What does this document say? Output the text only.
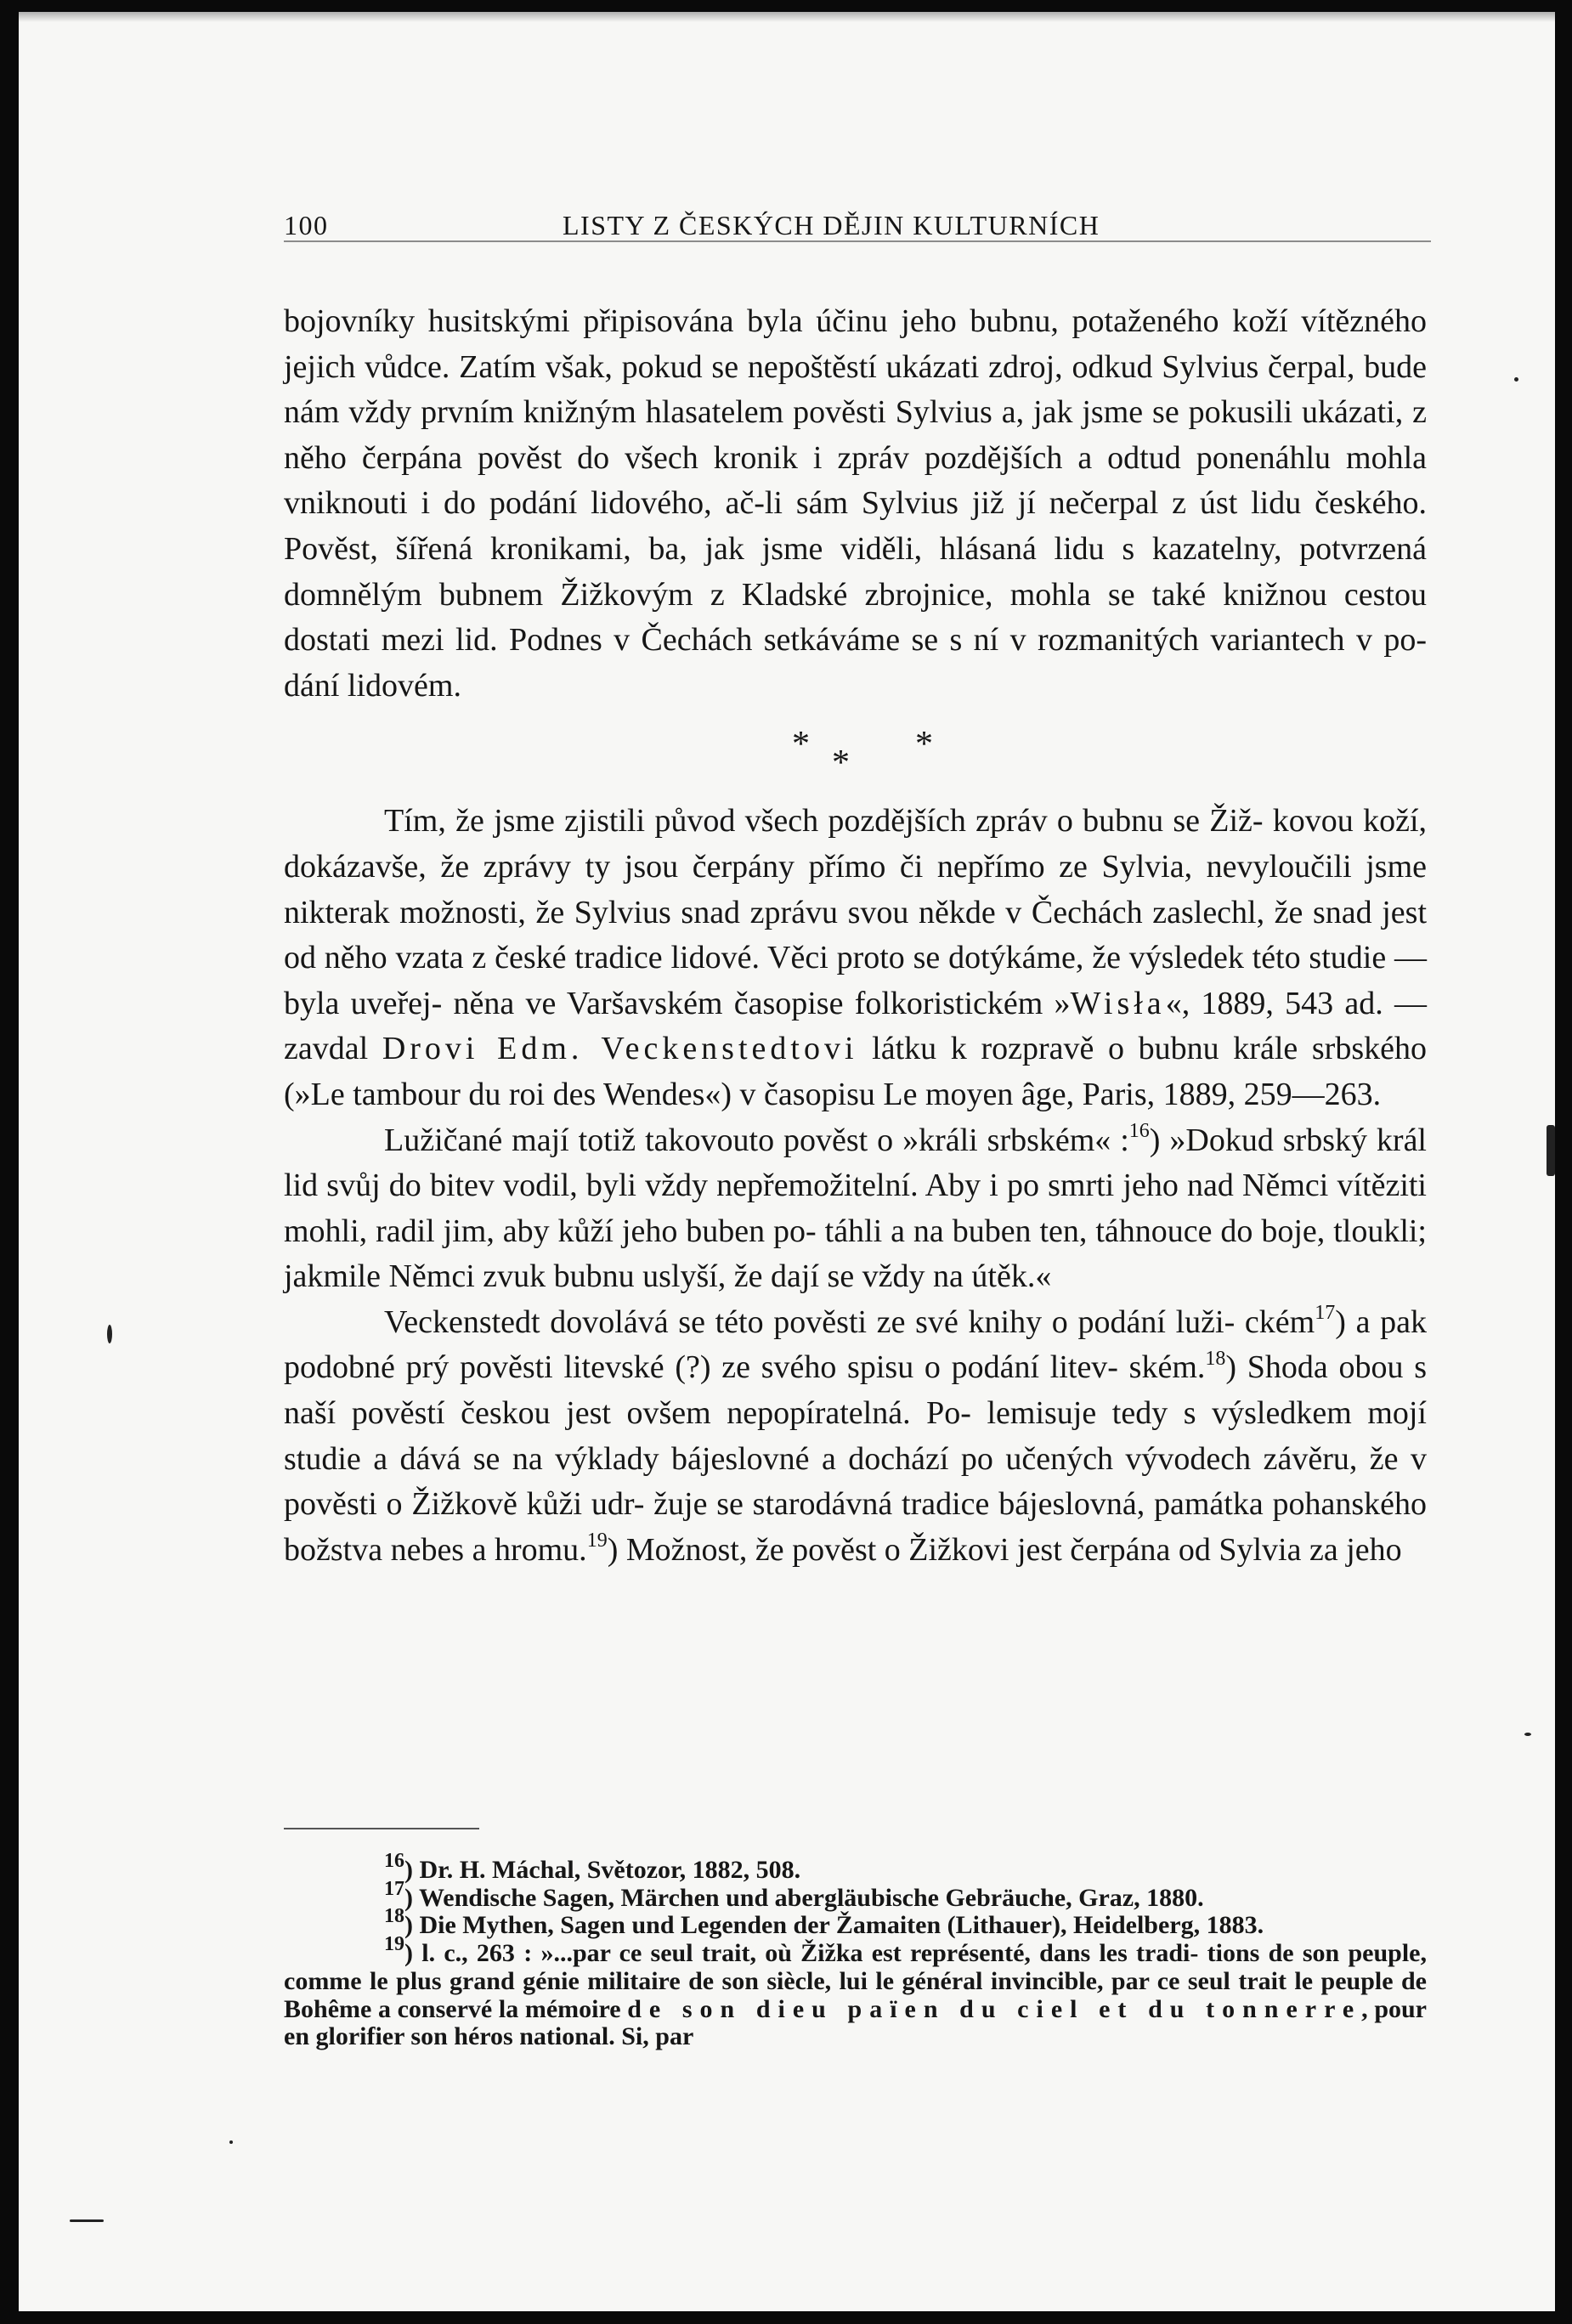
100	LISTY Z ČESKÝCH DĚJIN KULTURNÍCH

bojovníky husitskými připisována byla účinu jeho bubnu, potaženého koží vítězného jejich vůdce. Zatím však, pokud se nepoštěstí ukázati zdroj, odkud Sylvius čerpal, bude nám vždy prvním knižným hlasatelem pověsti Sylvius a, jak jsme se pokusili ukázati, z něho čerpána pověst do všech kronik i zpráv pozdějších a odtud ponenáhlu mohla vniknouti i do podání lidového, ač-li sám Sylvius již jí nečerpal z úst lidu českého. Pověst, šířená kronikami, ba, jak jsme viděli, hlásaná lidu s kazatelny, potvrzená domnělým bubnem Žižkovým z Kladské zbrojnice, mohla se také knižnou cestou dostati mezi lid. Podnes v Čechách setkáváme se s ní v rozmanitých variantech v po- dání lidovém.

* * *

Tím, že jsme zjistili původ všech pozdějších zpráv o bubnu se Žiž- kovou koží, dokázavše, že zprávy ty jsou čerpány přímo či nepřímo ze Sylvia, nevyloučili jsme nikterak možnosti, že Sylvius snad zprávu svou někde v Čechách zaslechl, že snad jest od něho vzata z české tradice lidové. Věci proto se dotýkáme, že výsledek této studie — byla uveřej- něna ve Varšavském časopise folkoristickém »Wisła«, 1889, 543 ad. — zavdal Drovi Edm. Veckenstedtovi látku k rozpravě o bubnu krále srbského (»Le tambour du roi des Wendes«) v časopisu Le moyen âge, Paris, 1889, 259—263.

Lužičané mají totiž takovouto pověst o »králi srbském« :$^{16}$) »Dokud srbský král lid svůj do bitev vodil, byli vždy nepřemožitelní. Aby i po smrti jeho nad Němci vítěziti mohli, radil jim, aby kůží jeho buben po- táhli a na buben ten, táhnouce do boje, tloukli; jakmile Němci zvuk bubnu uslyší, že dají se vždy na útěk.«

Veckenstedt dovolává se této pověsti ze své knihy o podání luži- ckém$^{17}$) a pak podobné prý pověsti litevské (?) ze svého spisu o podání litev- ském.$^{18}$) Shoda obou s naší pověstí českou jest ovšem nepopíratelná. Po- lemisuje tedy s výsledkem mojí studie a dává se na výklady bájeslovné a dochází po učených vývodech závěru, že v pověsti o Žižkově kůži udr- žuje se starodávná tradice bájeslovná, památka pohanského božstva nebes a hromu.$^{19}$) Možnost, že pověst o Žižkovi jest čerpána od Sylvia za jeho

$^{16}$) Dr. H. Máchal, Světozor, 1882, 508.

$^{17}$) Wendische Sagen, Märchen und abergläubische Gebräuche, Graz, 1880.

$^{18}$) Die Mythen, Sagen und Legenden der Žamaiten (Lithauer), Heidelberg, 1883.

$^{19}$) l. c., 263 : »...par ce seul trait, où Žižka est représenté, dans les tradi- tions de son peuple, comme le plus grand génie militaire de son siècle, lui le général invincible, par ce seul trait le peuple de Bohême a conservé la mémoire de son dieu païen du ciel et du tonnerre, pour en glorifier son héros national. Si, par
